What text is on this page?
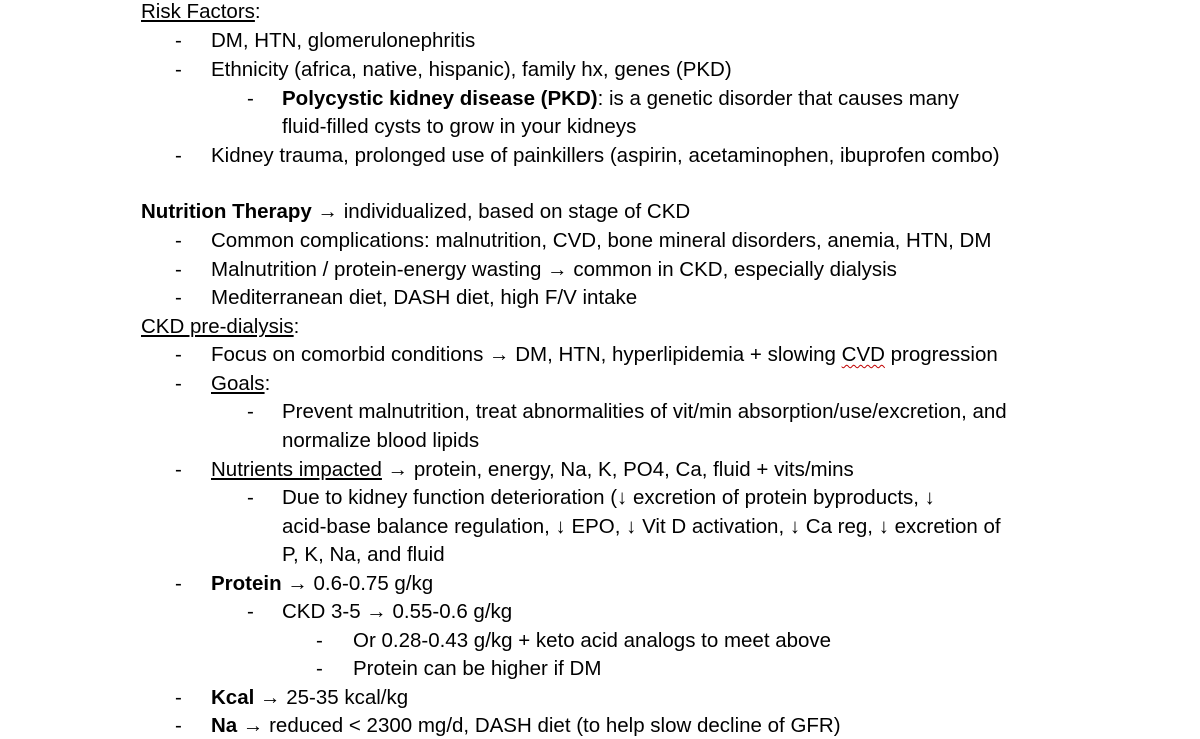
Risk Factors:
- DM, HTN, glomerulonephritis
- Ethnicity (africa, native, hispanic), family hx, genes (PKD)
- Polycystic kidney disease (PKD): is a genetic disorder that causes many
fluid-filled cysts to grow in your kidneys
- Kidney trauma, prolonged use of painkillers (aspirin, acetaminophen, ibuprofen combo)
Nutrition Therapy → individualized, based on stage of CKD
- Common complications: malnutrition, CVD, bone mineral disorders, anemia, HTN, DM
- Malnutrition / protein-energy wasting → common in CKD, especially dialysis
- Mediterranean diet, DASH diet, high F/V intake
CKD pre-dialysis:
- Focus on comorbid conditions → DM, HTN, hyperlipidemia + slowing CVD progression
- Goals:
- Prevent malnutrition, treat abnormalities of vit/min absorption/use/excretion, and
normalize blood lipids
- Nutrients impacted → protein, energy, Na, K, PO4, Ca, fluid + vits/mins
- Due to kidney function deterioration (↓ excretion of protein byproducts, ↓
acid-base balance regulation, ↓ EPO, ↓ Vit D activation, ↓ Ca reg, ↓ excretion of
P, K, Na, and fluid
- Protein → 0.6-0.75 g/kg
- CKD 3-5 → 0.55-0.6 g/kg
- Or 0.28-0.43 g/kg + keto acid analogs to meet above
- Protein can be higher if DM
- Kcal → 25-35 kcal/kg
- Na → reduced < 2300 mg/d, DASH diet (to help slow decline of GFR)
